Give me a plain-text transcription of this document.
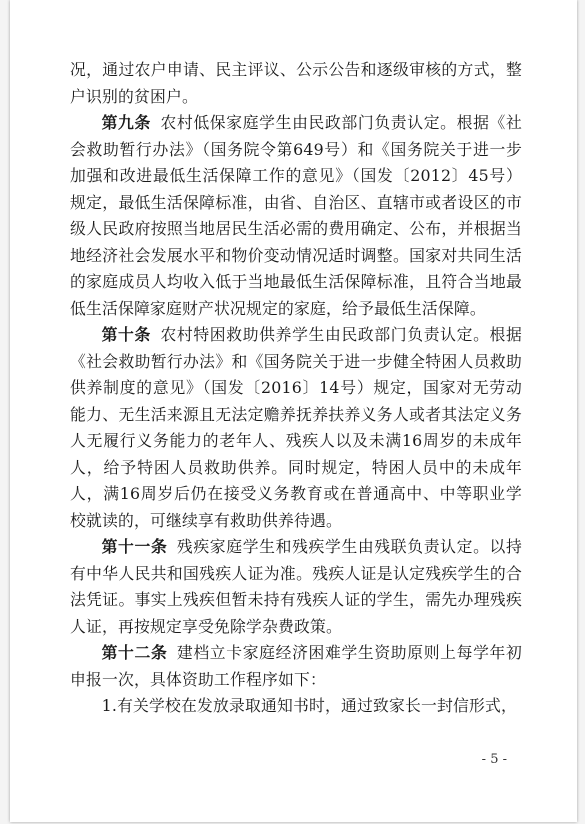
况，通过农户申请、民主评议、公示公告和逐级审核的方式，整户识别的贫困户。

第九条 农村低保家庭学生由民政部门负责认定。根据《社会救助暂行办法》（国务院令第649号）和《国务院关于进一步加强和改进最低生活保障工作的意见》（国发〔2012〕45号）规定，最低生活保障标准，由省、自治区、直辖市或者设区的市级人民政府按照当地居民生活必需的费用确定、公布，并根据当地经济社会发展水平和物价变动情况适时调整。国家对共同生活的家庭成员人均收入低于当地最低生活保障标准，且符合当地最低生活保障家庭财产状况规定的家庭，给予最低生活保障。

第十条 农村特困救助供养学生由民政部门负责认定。根据《社会救助暂行办法》和《国务院关于进一步健全特困人员救助供养制度的意见》（国发〔2016〕14号）规定，国家对无劳动能力、无生活来源且无法定赡养抚养扶养义务人或者其法定义务人无履行义务能力的老年人、残疾人以及未满16周岁的未成年人，给予特困人员救助供养。同时规定，特困人员中的未成年人，满16周岁后仍在接受义务教育或在普通高中、中等职业学校就读的，可继续享有救助供养待遇。

第十一条 残疾家庭学生和残疾学生由残联负责认定。以持有中华人民共和国残疾人证为准。残疾人证是认定残疾学生的合法凭证。事实上残疾但暂未持有残疾人证的学生，需先办理残疾人证，再按规定享受免除学杂费政策。

第十二条 建档立卡家庭经济困难学生资助原则上每学年初申报一次，具体资助工作程序如下：

1.有关学校在发放录取通知书时，通过致家长一封信形式，

- 5 -
